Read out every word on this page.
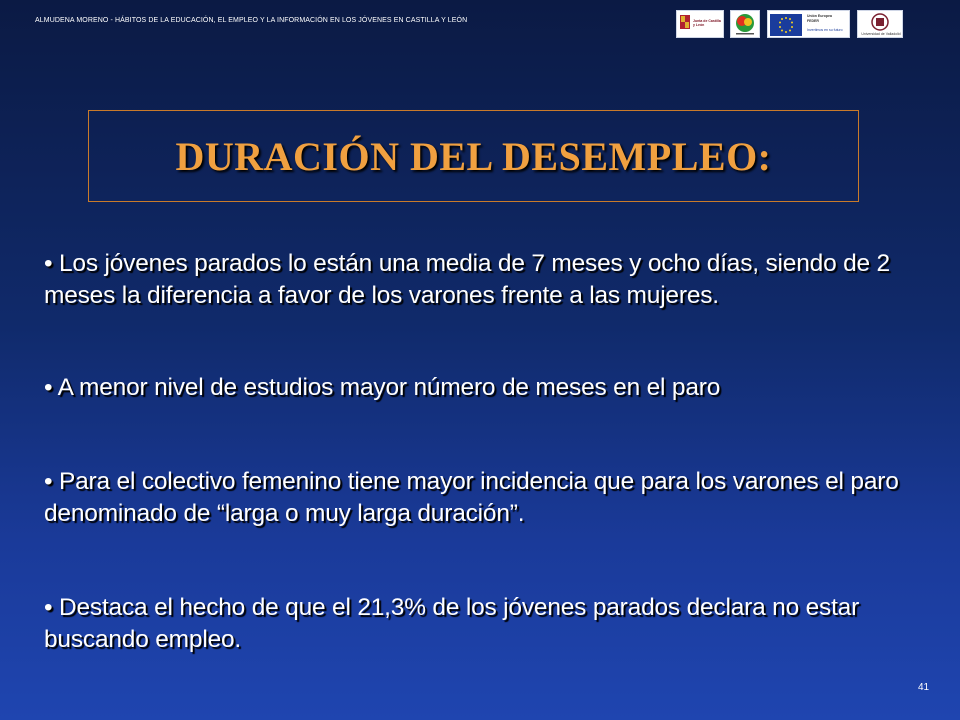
ALMUDENA MORENO - HÁBITOS DE LA EDUCACIÓN, EL EMPLEO Y LA INFORMACIÓN EN LOS JÓVENES EN CASTILLA Y LEÓN	Junta de Castilla y León
Unión Europea
FEDER
Invertimos en su futuro
Universidad de Valladolid
DURACIÓN DEL DESEMPLEO:
• Los jóvenes parados lo están una media de 7 meses y ocho días, siendo de 2 meses la diferencia a favor de los varones frente a las mujeres.
• A menor nivel de estudios mayor número de meses en el paro
• Para el colectivo femenino tiene mayor incidencia que para los varones el paro denominado de “larga o muy larga duración”.
• Destaca el hecho de que el 21,3% de los jóvenes parados declara no estar buscando empleo.
41
